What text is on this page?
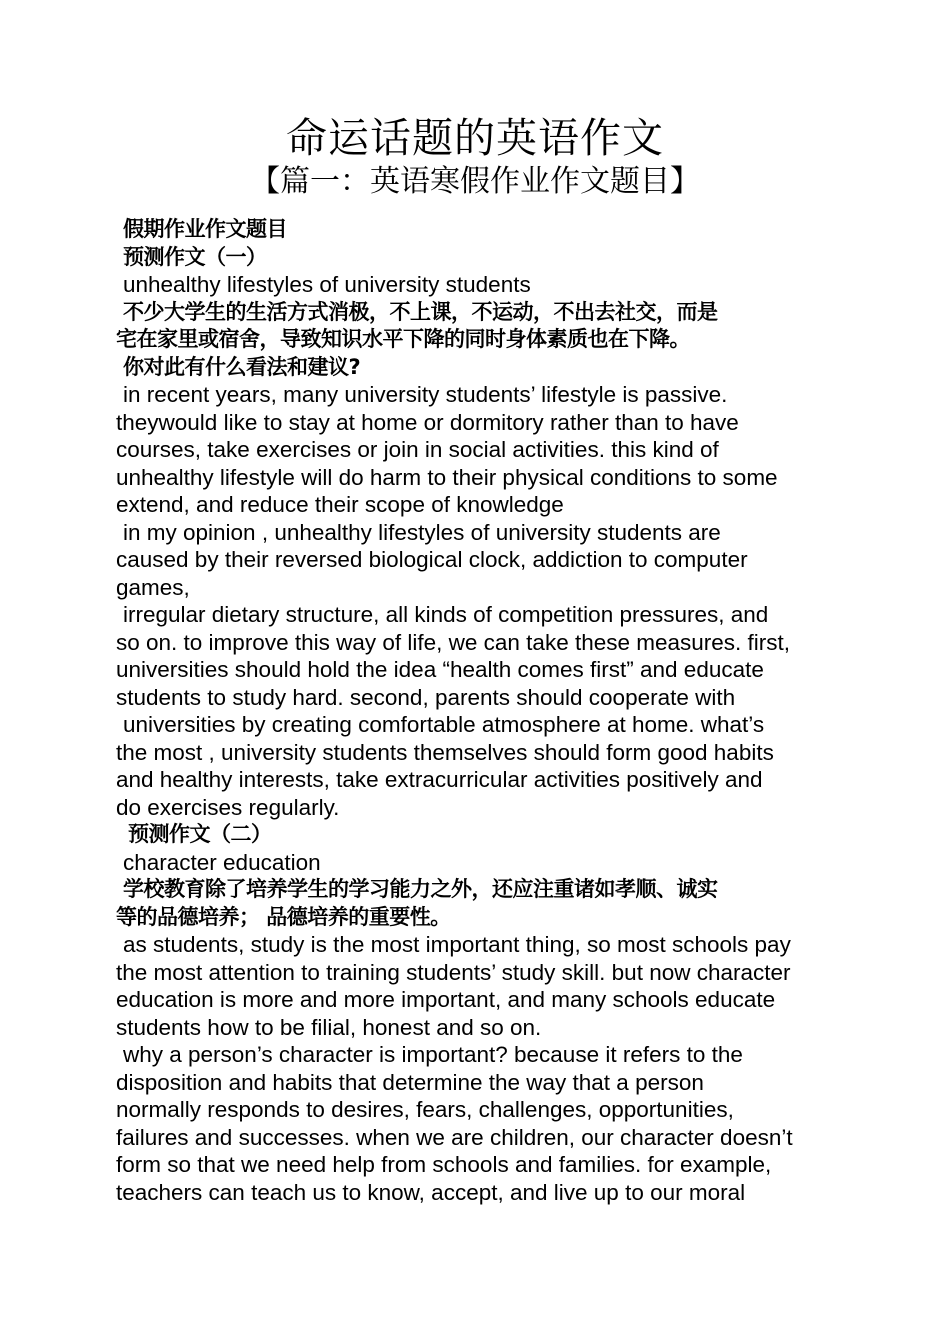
命运话题的英语作文
【篇一：英语寒假作业作文题目】
假期作业作文题目
预测作文（一）
unhealthy lifestyles of university students
不少大学生的生活方式消极，不上课，不运动，不出去社交，而是
宅在家里或宿舍，导致知识水平下降的同时身体素质也在下降。
你对此有什么看法和建议?
in recent years, many university students’ lifestyle is passive.
theywould like to stay at home or dormitory rather than to have
courses, take exercises or join in social activities. this kind of
unhealthy lifestyle will do harm to their physical conditions to some
extend, and reduce their scope of knowledge
in my opinion , unhealthy lifestyles of university students are
caused by their reversed biological clock, addiction to computer
games,
irregular dietary structure, all kinds of competition pressures, and
so on. to improve this way of life, we can take these measures. first,
universities should hold the idea “health comes first” and educate
students to study hard. second, parents should cooperate with
universities by creating comfortable atmosphere at home. what’s
the most , university students themselves should form good habits
and healthy interests, take extracurricular activities positively and
do exercises regularly.
预测作文（二）
character education
学校教育除了培养学生的学习能力之外，还应注重诸如孝顺、诚实
等的品德培养； 品德培养的重要性。
as students, study is the most important thing, so most schools pay
the most attention to training students’ study skill. but now character
education is more and more important, and many schools educate
students how to be filial, honest and so on.
why a person’s character is important? because it refers to the
disposition and habits that determine the way that a person
normally responds to desires, fears, challenges, opportunities,
failures and successes. when we are children, our character doesn’t
form so that we need help from schools and families. for example,
teachers can teach us to know, accept, and live up to our moral
